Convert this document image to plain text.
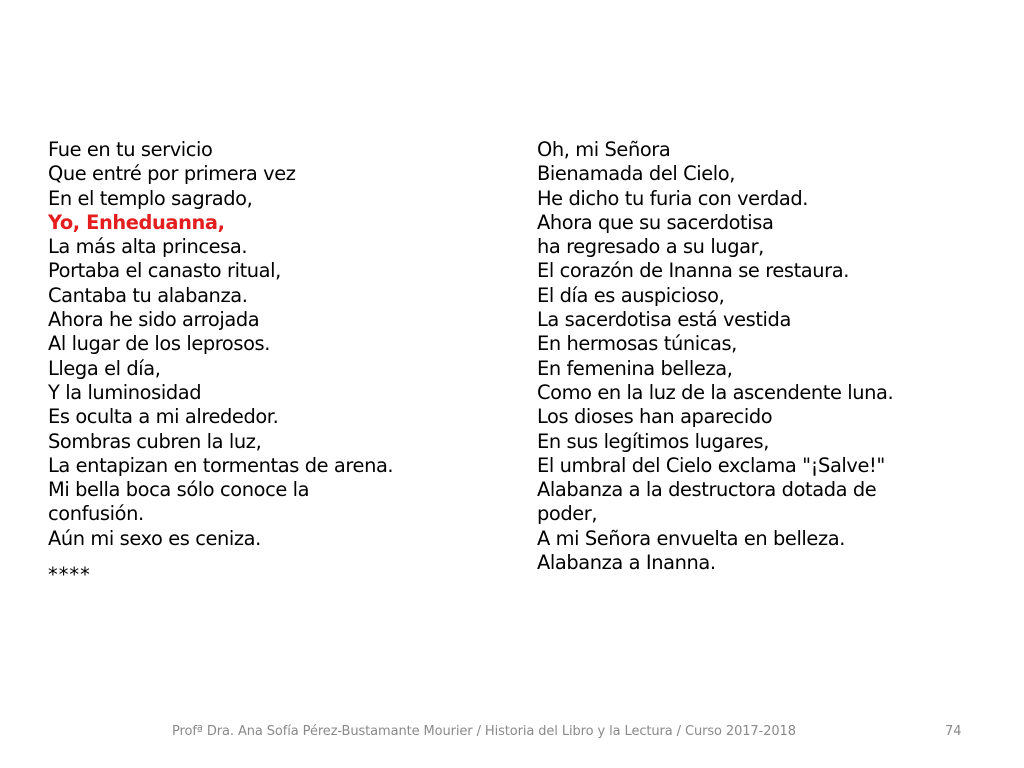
Fue en tu servicio
Que entré por primera vez
En el templo sagrado,
Yo, Enheduanna,
La más alta princesa.
Portaba el canasto ritual,
Cantaba tu alabanza.
Ahora he sido arrojada
Al lugar de los leprosos.
Llega el día,
Y la luminosidad
Es oculta a mi alrededor.
Sombras cubren la luz,
La entapizan en tormentas de arena.
Mi bella boca sólo conoce la
confusión.
Aún mi sexo es ceniza.
****
Oh, mi Señora
Bienamada del Cielo,
He dicho tu furia con verdad.
Ahora que su sacerdotisa
ha regresado a su lugar,
El corazón de Inanna se restaura.
El día es auspicioso,
La sacerdotisa está vestida
En hermosas túnicas,
En femenina belleza,
Como en la luz de la ascendente luna.
Los dioses han aparecido
En sus legítimos lugares,
El umbral del Cielo exclama "¡Salve!"
Alabanza a la destructora dotada de
poder,
A mi Señora envuelta en belleza.
Alabanza a Inanna.
Profª Dra. Ana Sofía Pérez-Bustamante Mourier / Historia del Libro y la Lectura / Curso 2017-2018	74
